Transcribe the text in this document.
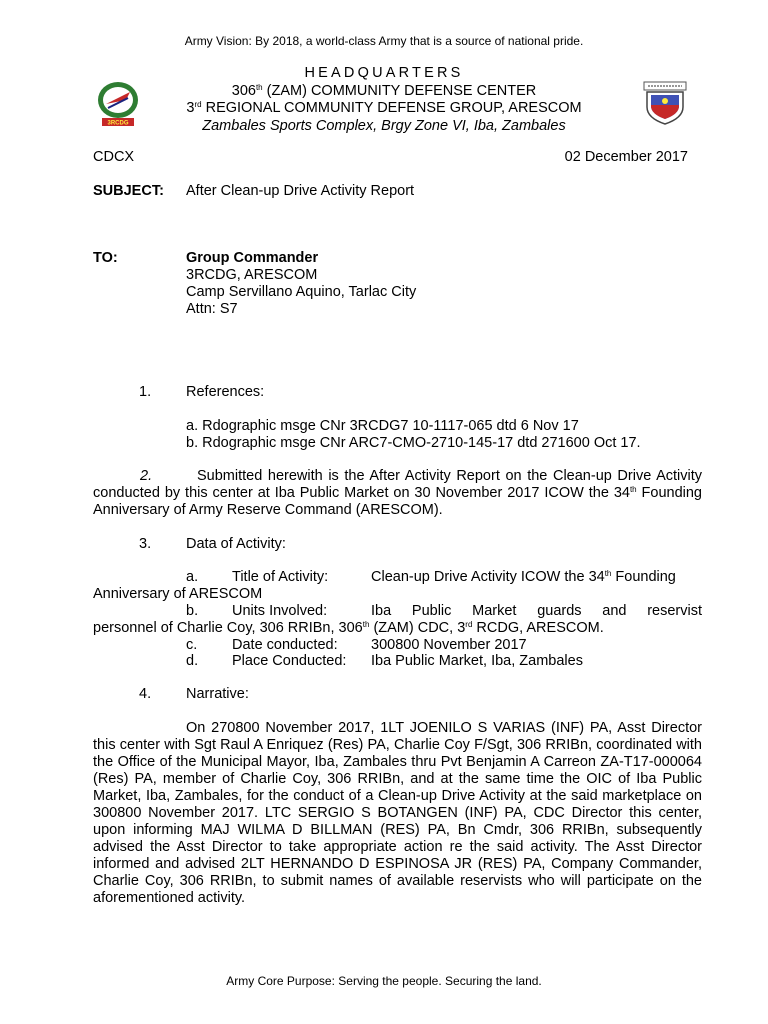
Army Vision: By 2018, a world-class Army that is a source of national pride.
3RCDG
HEADQUARTERS
306th (ZAM) COMMUNITY DEFENSE CENTER
3rd REGIONAL COMMUNITY DEFENSE GROUP, ARESCOM
Zambales Sports Complex, Brgy Zone VI, Iba, Zambales
CDCX	02 December 2017
SUBJECT: After Clean-up Drive Activity Report
TO:	Group Commander
3RCDG, ARESCOM
Camp Servillano Aquino, Tarlac City
Attn: S7
1. References:
a. Rdographic msge CNr 3RCDG7 10-1117-065 dtd 6 Nov 17
b. Rdographic msge CNr ARC7-CMO-2710-145-17 dtd 271600 Oct 17.
2.	Submitted herewith is the After Activity Report on the Clean-up Drive Activity conducted by this center at Iba Public Market on 30 November 2017 ICOW the 34th Founding Anniversary of Army Reserve Command (ARESCOM).
3. Data of Activity:
a. Title of Activity:	Clean-up Drive Activity ICOW the 34th Founding
Anniversary of ARESCOM
b. Units Involved:	Iba Public Market guards and reservist
personnel of Charlie Coy, 306 RRIBn, 306th (ZAM) CDC, 3rd RCDG, ARESCOM.
c. Date conducted: 300800 November 2017
d. Place Conducted: Iba Public Market, Iba, Zambales
4. Narrative:
On 270800 November 2017, 1LT JOENILO S VARIAS (INF) PA, Asst Director this center with Sgt Raul A Enriquez (Res) PA, Charlie Coy F/Sgt, 306 RRIBn, coordinated with the Office of the Municipal Mayor, Iba, Zambales thru Pvt Benjamin A Carreon ZA-T17-000064 (Res) PA, member of Charlie Coy, 306 RRIBn, and at the same time the OIC of Iba Public Market, Iba, Zambales, for the conduct of a Clean-up Drive Activity at the said marketplace on 300800 November 2017. LTC SERGIO S BOTANGEN (INF) PA, CDC Director this center, upon informing MAJ WILMA D BILLMAN (RES) PA, Bn Cmdr, 306 RRIBn, subsequently advised the Asst Director to take appropriate action re the said activity. The Asst Director informed and advised 2LT HERNANDO D ESPINOSA JR (RES) PA, Company Commander, Charlie Coy, 306 RRIBn, to submit names of available reservists who will participate on the aforementioned activity.
Army Core Purpose: Serving the people. Securing the land.
